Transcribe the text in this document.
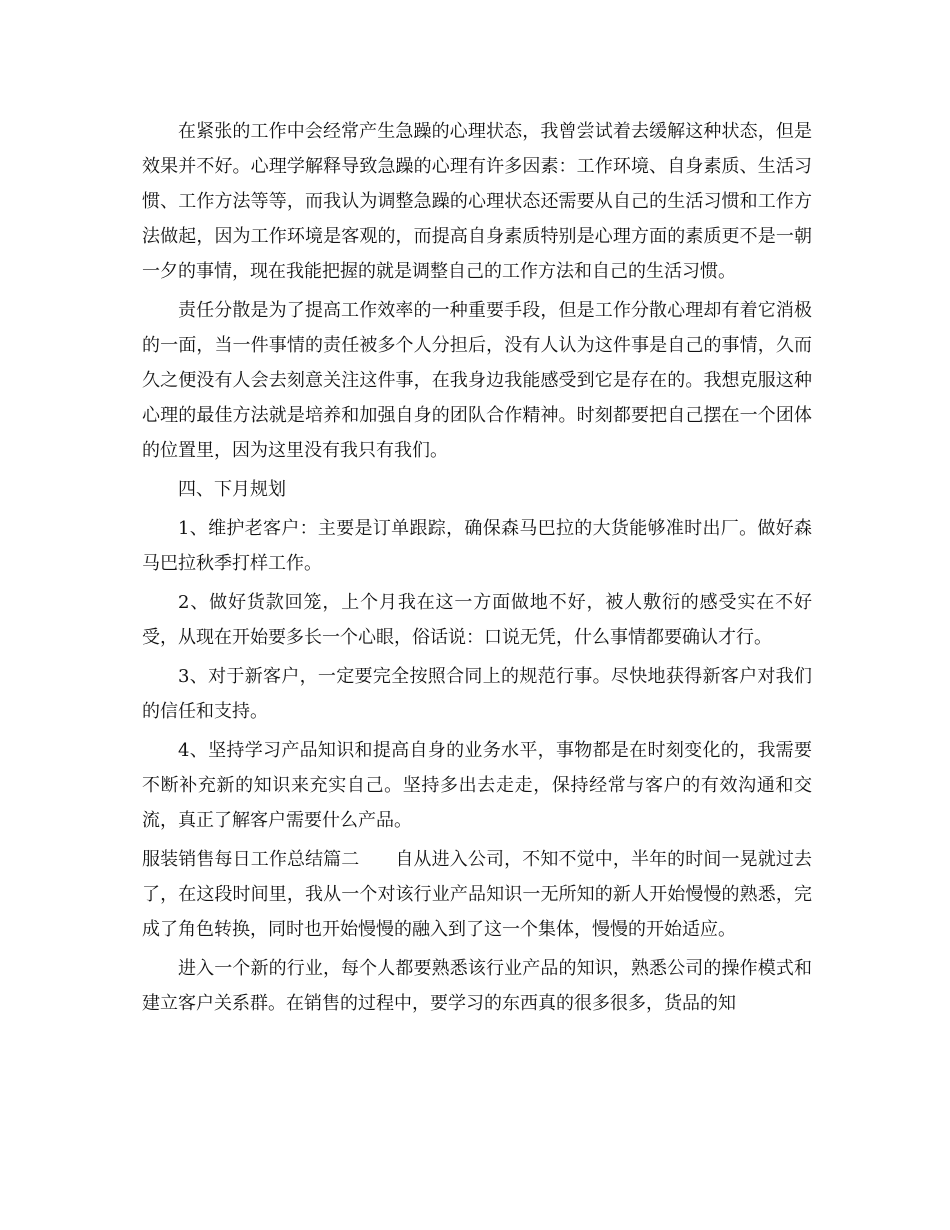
在紧张的工作中会经常产生急躁的心理状态，我曾尝试着去缓解这种状态，但是效果并不好。心理学解释导致急躁的心理有许多因素：工作环境、自身素质、生活习惯、工作方法等等，而我认为调整急躁的心理状态还需要从自己的生活习惯和工作方法做起，因为工作环境是客观的，而提高自身素质特别是心理方面的素质更不是一朝一夕的事情，现在我能把握的就是调整自己的工作方法和自己的生活习惯。

责任分散是为了提高工作效率的一种重要手段，但是工作分散心理却有着它消极的一面，当一件事情的责任被多个人分担后，没有人认为这件事是自己的事情，久而久之便没有人会去刻意关注这件事，在我身边我能感受到它是存在的。我想克服这种心理的最佳方法就是培养和加强自身的团队合作精神。时刻都要把自己摆在一个团体的位置里，因为这里没有我只有我们。

四、下月规划

1、维护老客户：主要是订单跟踪，确保森马巴拉的大货能够准时出厂。做好森马巴拉秋季打样工作。

2、做好货款回笼，上个月我在这一方面做地不好，被人敷衍的感受实在不好受，从现在开始要多长一个心眼，俗话说：口说无凭，什么事情都要确认才行。

3、对于新客户，一定要完全按照合同上的规范行事。尽快地获得新客户对我们的信任和支持。

4、坚持学习产品知识和提高自身的业务水平，事物都是在时刻变化的，我需要不断补充新的知识来充实自己。坚持多出去走走，保持经常与客户的有效沟通和交流，真正了解客户需要什么产品。

服装销售每日工作总结篇二 自从进入公司，不知不觉中，半年的时间一晃就过去了，在这段时间里，我从一个对该行业产品知识一无所知的新人开始慢慢的熟悉，完成了角色转换，同时也开始慢慢的融入到了这一个集体，慢慢的开始适应。

进入一个新的行业，每个人都要熟悉该行业产品的知识，熟悉公司的操作模式和建立客户关系群。在销售的过程中，要学习的东西真的很多很多，货品的知
